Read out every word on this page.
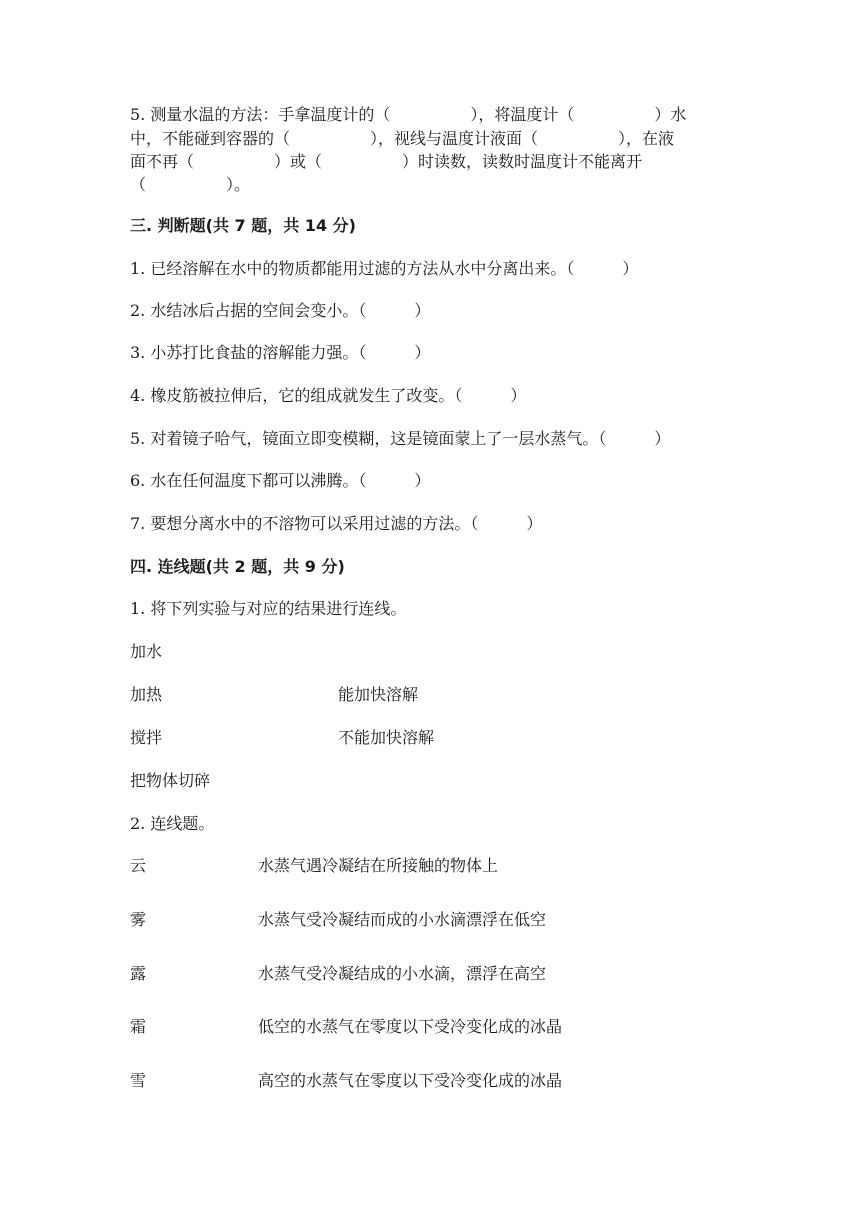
5. 测量水温的方法：手拿温度计的（　　　　　），将温度计（　　　　　）水
中，不能碰到容器的（　　　　　），视线与温度计液面（　　　　　），在液
面不再（　　　　　）或（　　　　　）时读数，读数时温度计不能离开
（　　　　　）。
三. 判断题(共 7 题，共 14 分)
1. 已经溶解在水中的物质都能用过滤的方法从水中分离出来。（　　　）
2. 水结冰后占据的空间会变小。（　　　）
3. 小苏打比食盐的溶解能力强。（　　　）
4. 橡皮筋被拉伸后，它的组成就发生了改变。（　　　）
5. 对着镜子哈气，镜面立即变模糊，这是镜面蒙上了一层水蒸气。（　　　）
6. 水在任何温度下都可以沸腾。（　　　）
7. 要想分离水中的不溶物可以采用过滤的方法。（　　　）
四. 连线题(共 2 题，共 9 分)
1. 将下列实验与对应的结果进行连线。
加水
加热	能加快溶解
搅拌	不能加快溶解
把物体切碎
2. 连线题。
云	水蒸气遇冷凝结在所接触的物体上
雾	水蒸气受冷凝结而成的小水滴漂浮在低空
露	水蒸气受冷凝结成的小水滴，漂浮在高空
霜	低空的水蒸气在零度以下受冷变化成的冰晶
雪	高空的水蒸气在零度以下受冷变化成的冰晶
